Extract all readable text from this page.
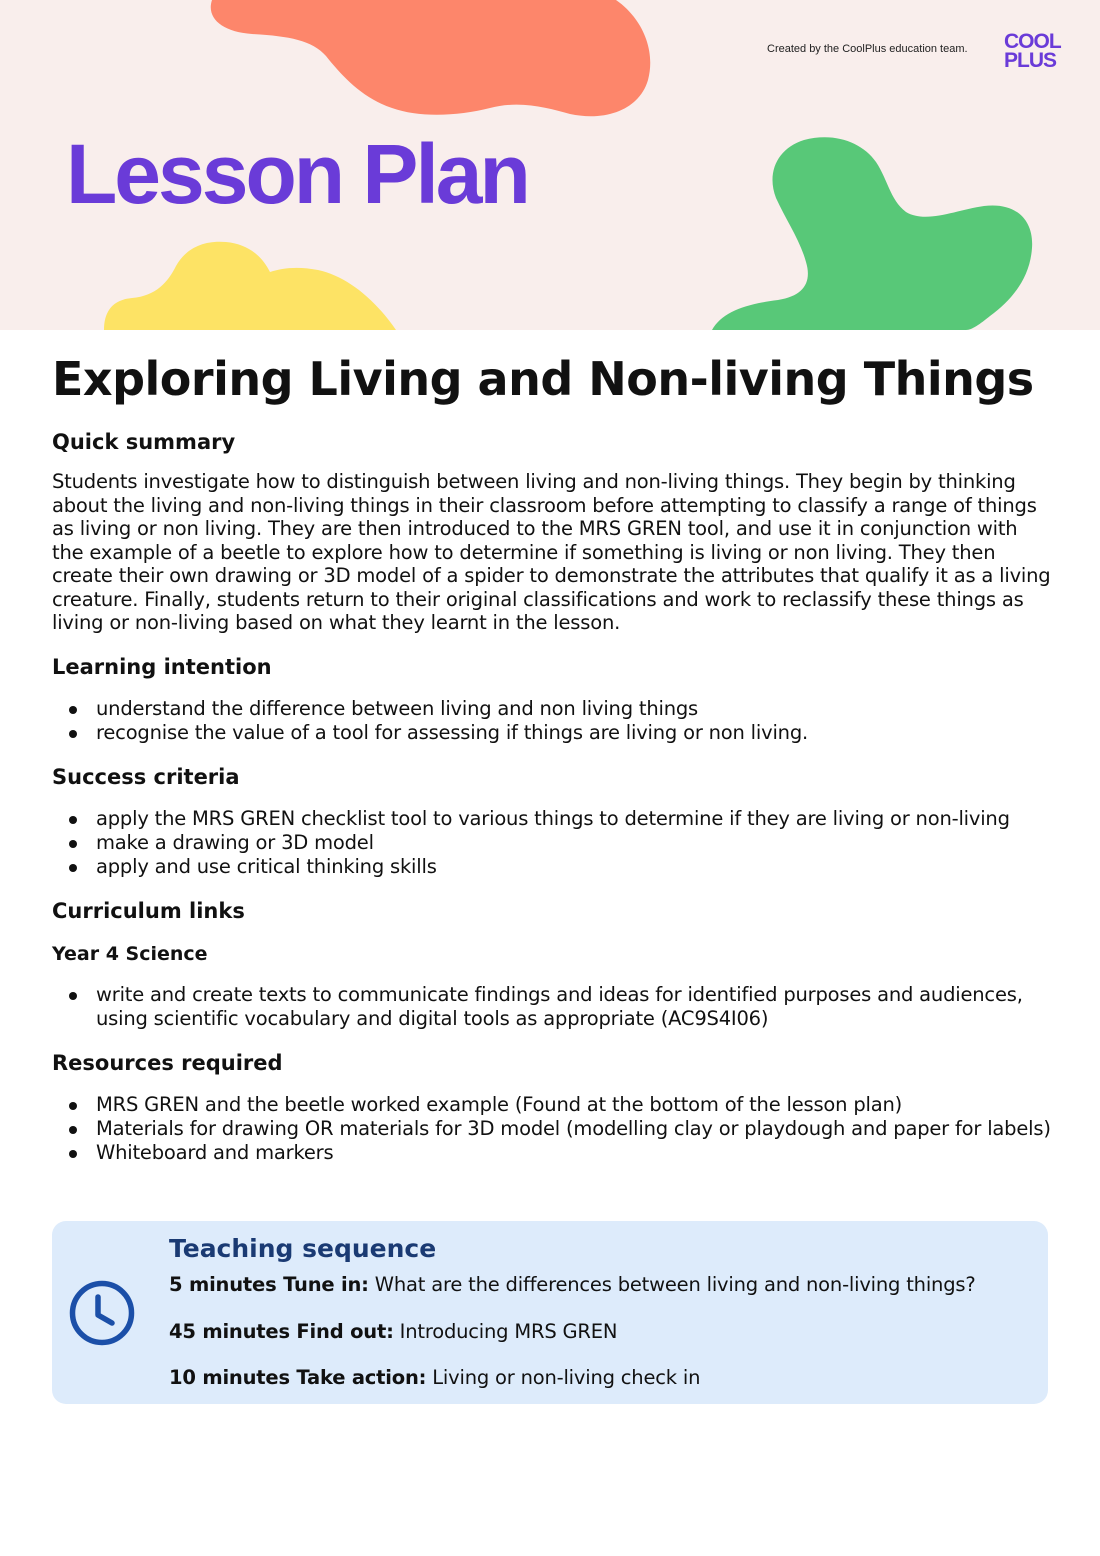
Created by the CoolPlus education team. COOL
PLUS
Lesson Plan
Exploring Living and Non-living Things
Quick summary

Students investigate how to distinguish between living and non-living things. They begin by thinking about the living and non-living things in their classroom before attempting to classify a range of things as living or non living. They are then introduced to the MRS GREN tool, and use it in conjunction with the example of a beetle to explore how to determine if something is living or non living. They then create their own drawing or 3D model of a spider to demonstrate the attributes that qualify it as a living creature. Finally, students return to their original classifications and work to reclassify these things as living or non-living based on what they learnt in the lesson.

Learning intention
understand the difference between living and non living things
recognise the value of a tool for assessing if things are living or non living.
Success criteria
apply the MRS GREN checklist tool to various things to determine if they are living or non-living
make a drawing or 3D model
apply and use critical thinking skills
Curriculum links
Year 4 Science
write and create texts to communicate findings and ideas for identified purposes and audiences, using scientific vocabulary and digital tools as appropriate (AC9S4I06)
Resources required
MRS GREN and the beetle worked example (Found at the bottom of the lesson plan)
Materials for drawing OR materials for 3D model (modelling clay or playdough and paper for labels)
Whiteboard and markers
Teaching sequence
5 minutes Tune in: What are the differences between living and non-living things?
45 minutes Find out: Introducing MRS GREN
10 minutes Take action: Living or non-living check in
